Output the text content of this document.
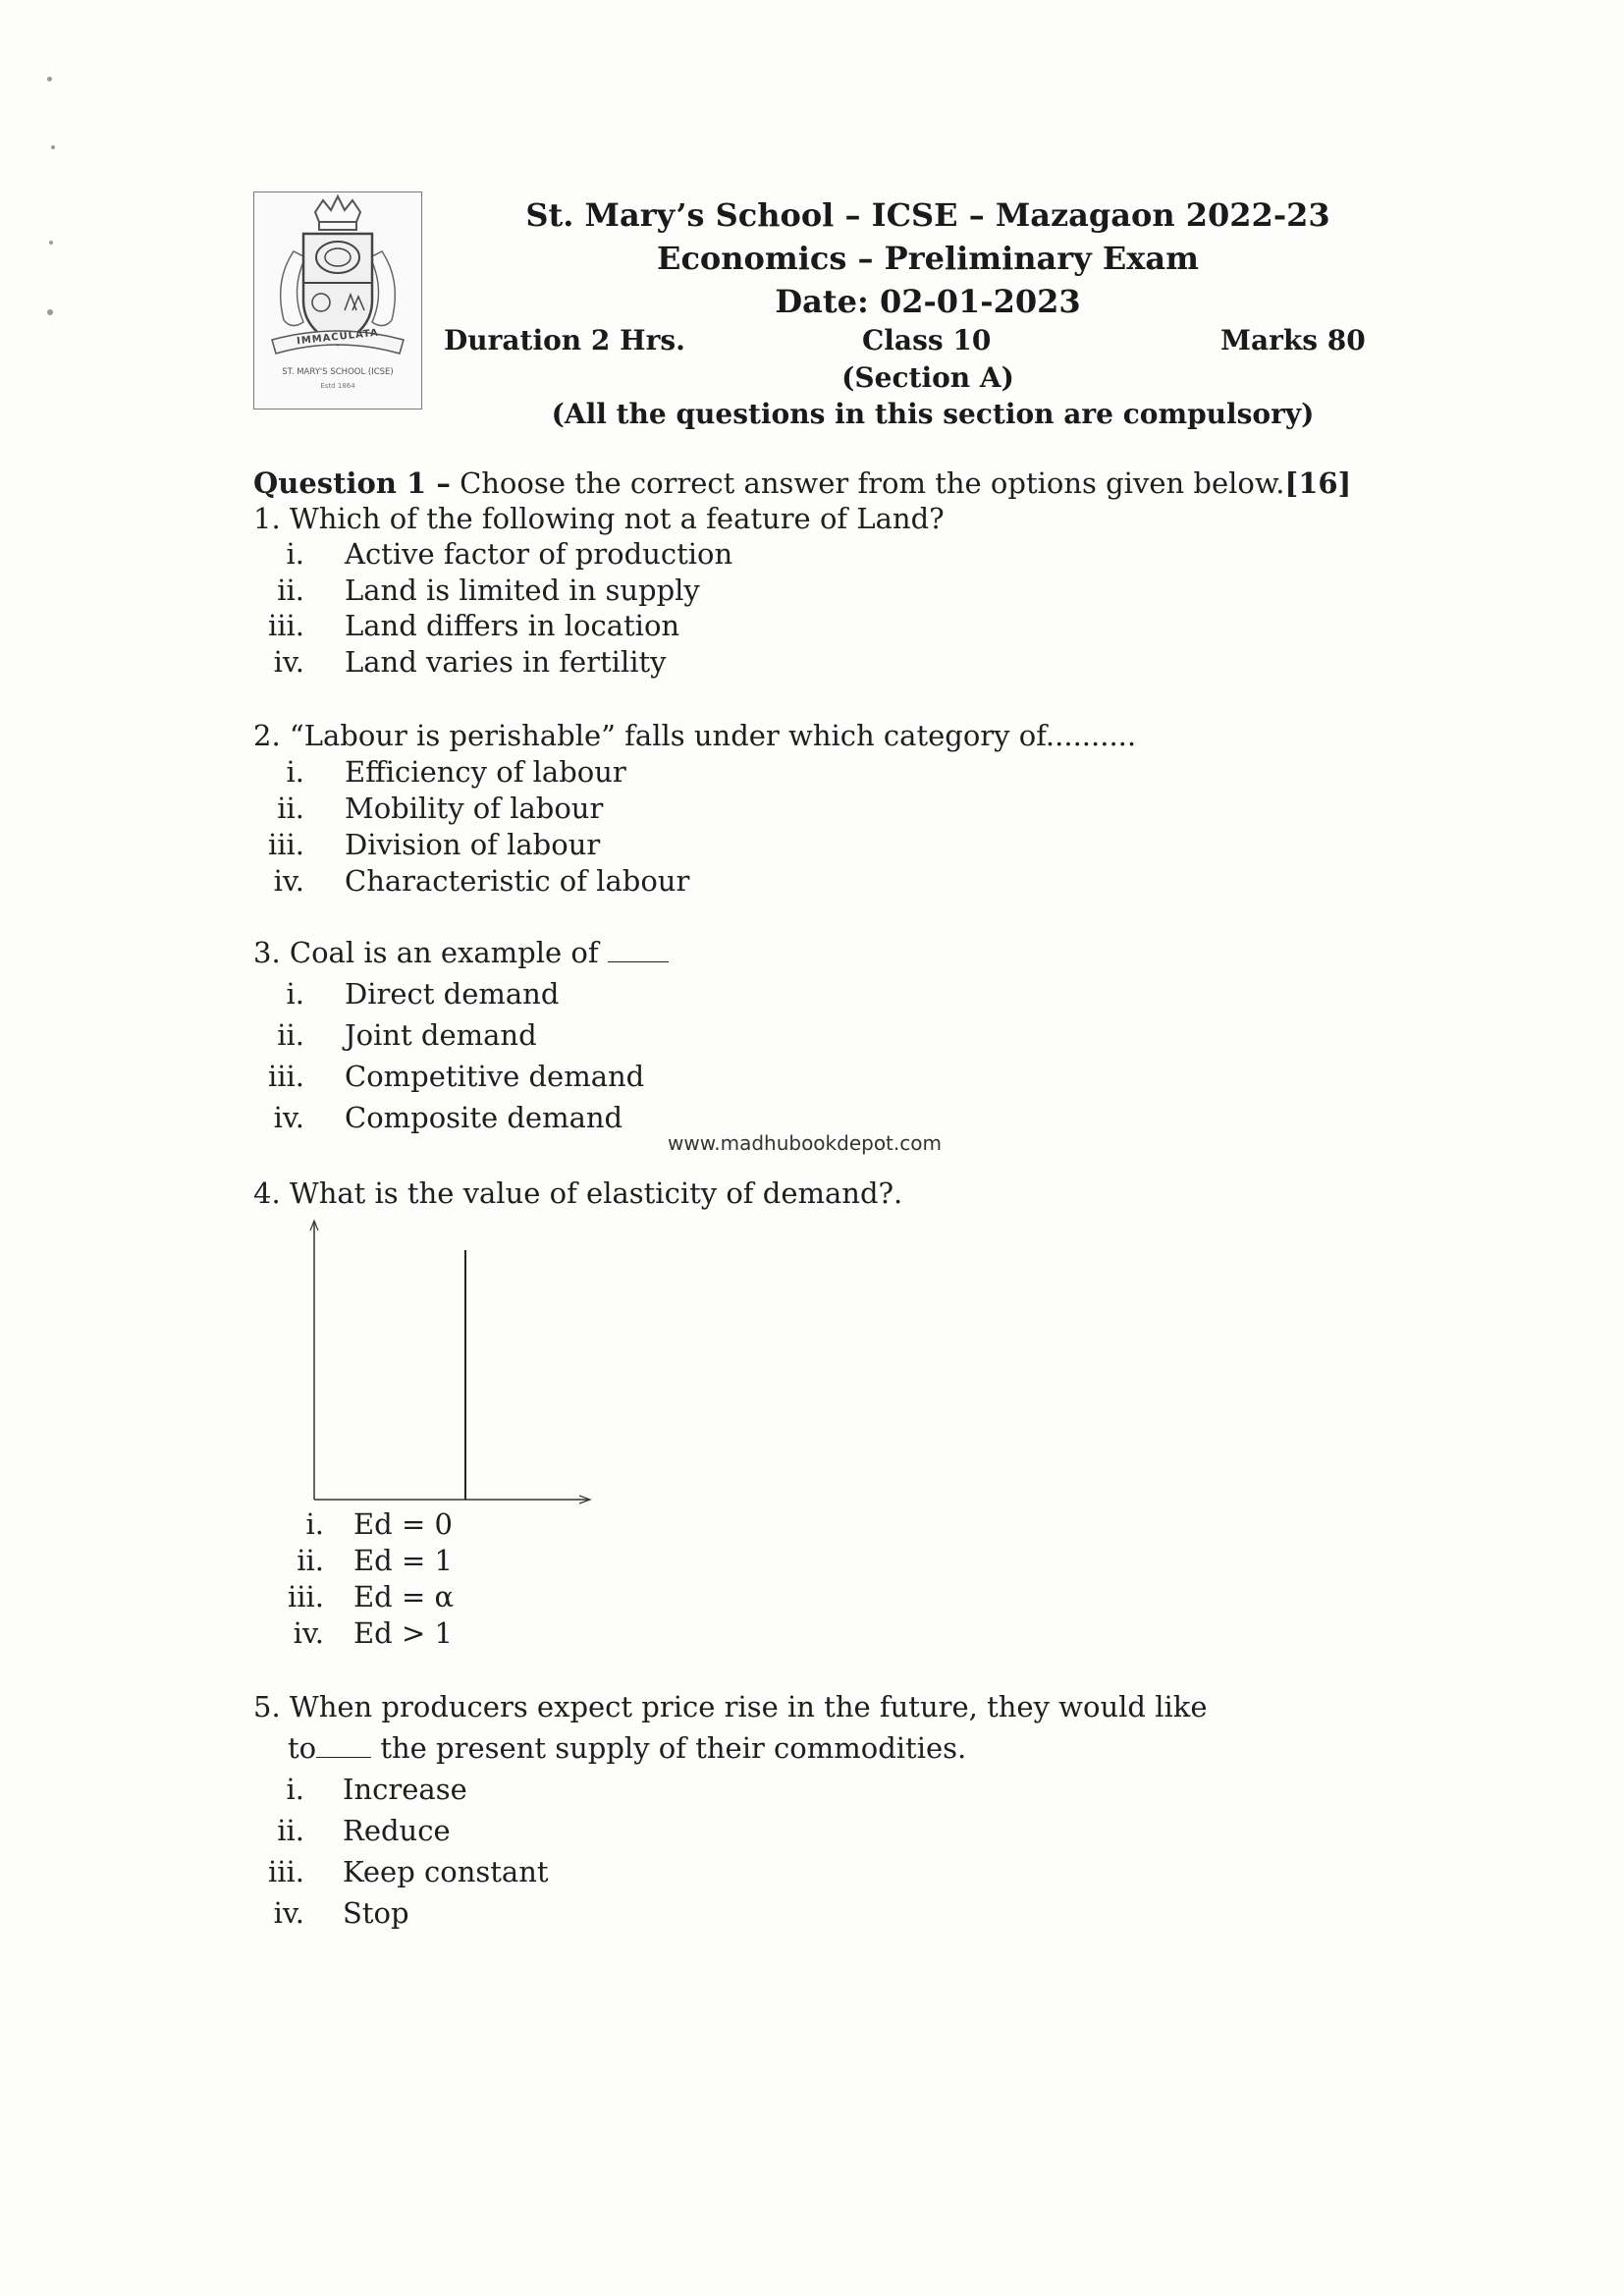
IMMACULATA
ST. MARY'S SCHOOL (ICSE)
Estd 1864
St. Mary’s School – ICSE – Mazagaon 2022-23
Economics – Preliminary Exam
Date: 02-01-2023
Duration 2 Hrs.	Class 10	Marks 80
(Section A)
(All the questions in this section are compulsory)
Question 1 – Choose the correct answer from the options given below.[16]
1. Which of the following not a feature of Land?
i. Active factor of production
ii. Land is limited in supply
iii. Land differs in location
iv. Land varies in fertility
2. “Labour is perishable” falls under which category of..........
i. Efficiency of labour
ii. Mobility of labour
iii. Division of labour
iv. Characteristic of labour
3. Coal is an example of
i. Direct demand
ii. Joint demand
iii. Competitive demand
iv. Composite demand
www.madhubookdepot.com
4. What is the value of elasticity of demand?.
i. Ed = 0
ii. Ed = 1
iii. Ed = α
iv. Ed > 1
5. When producers expect price rise in the future, they would like
to the present supply of their commodities.
i. Increase
ii. Reduce
iii. Keep constant
iv. Stop
